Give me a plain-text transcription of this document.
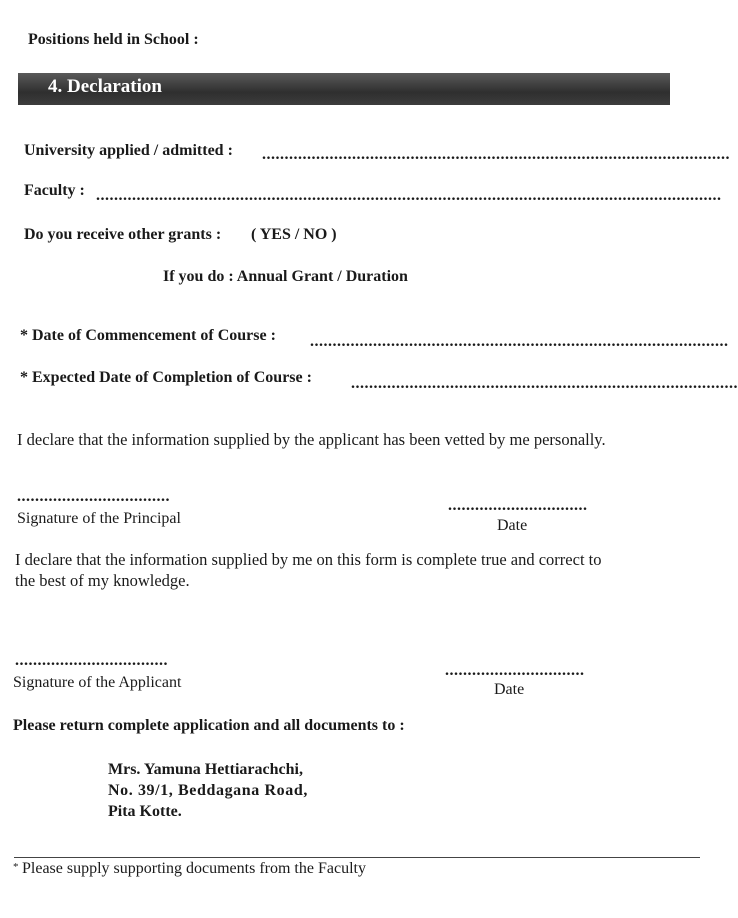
Positions held in School :
4. Declaration
University applied / admitted : ........................................................................................................
Faculty : ...........................................................................................................................................
Do you receive other grants : ( YES / NO )
If you do : Annual Grant / Duration
* Date of Commencement of Course : .............................................................................................
* Expected Date of Completion of Course : ......................................................................................
I declare that the information supplied by the applicant has been vetted by me personally.
..................................
Signature of the Principal
...............................
Date
I declare that the information supplied by me on this form is complete true and correct to
the best of my knowledge.
..................................
Signature of the Applicant
...............................
Date
Please return complete application and all documents to :
Mrs. Yamuna Hettiarachchi,
No. 39/1, Beddagana Road,
Pita Kotte.
* Please supply supporting documents from the Faculty
